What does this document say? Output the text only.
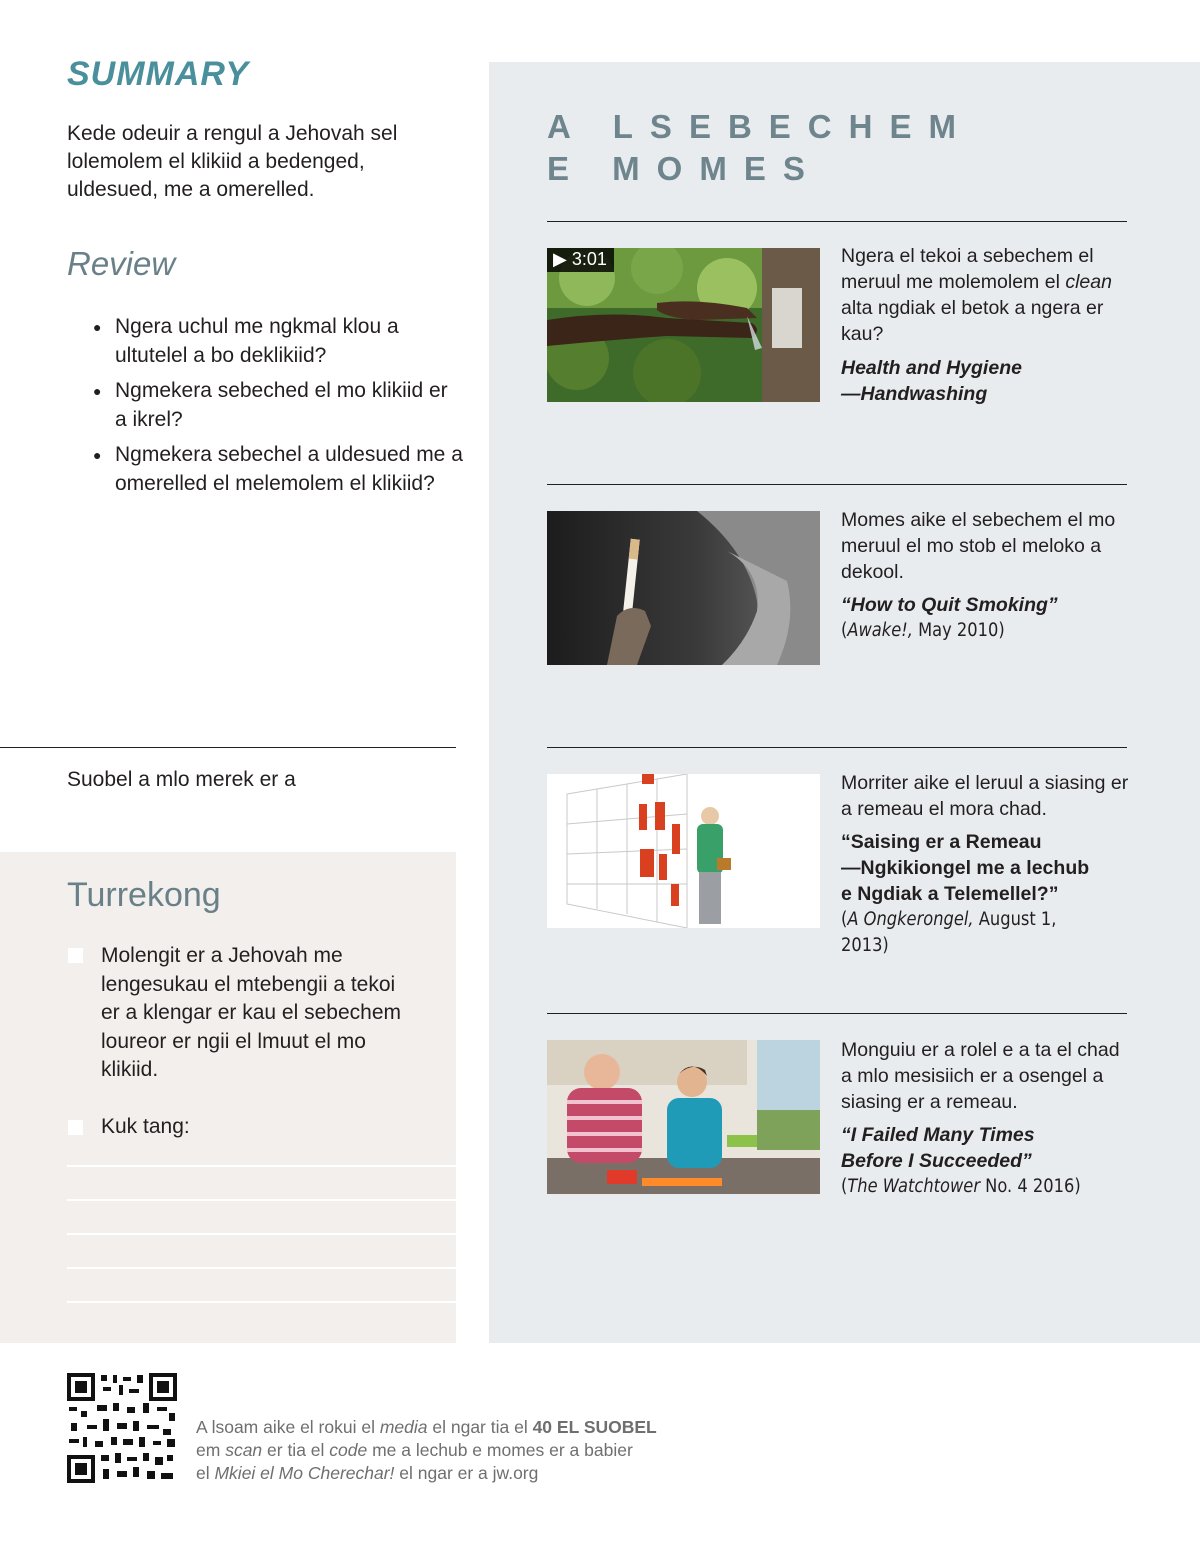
SUMMARY

Kede odeuir a rengul a Jehovah sel lolemolem el klikiid a bedenged, uldesued, me a omerelled.

Review
● Ngera uchul me ngkmal klou a ultutelel a bo deklikiid?
● Ngmekera sebeched el mo klikiid er a ikrel?
● Ngmekera sebechel a uldesued me a omerelled el melemolem el klikiid?
Suobel a mlo merek er a
Turrekong
Molengit er a Jehovah me lengesukau el mtebengii a tekoi er a klengar er kau el sebechem loureor er ngii el lmuut el mo klikiid.
Kuk tang:
A LSEBECHEM
E MOMES
▶ 3:01	Ngera el tekoi a sebechem el meruul me molemolem el clean alta ngdiak el betok a ngera er kau?
Health and Hygiene
—Handwashing
Momes aike el sebechem el mo meruul el mo stob el meloko a dekool.
“How to Quit Smoking”
(Awake!, May 2010)
Morriter aike el leruul a siasing er a remeau el mora chad.
“Saising er a Remeau
—Ngkikiongel me a lechub
e Ngdiak a Telemellel?”
(A Ongkerongel, August 1, 2013)
Monguiu er a rolel e a ta el chad a mlo mesisiich er a osengel a siasing er a remeau.
“I Failed Many Times
Before I Succeeded”
(The Watchtower No. 4 2016)
A lsoam aike el rokui el media el ngar tia el 40 EL SUOBEL
em scan er tia el code me a lechub e momes er a babier
el Mkiei el Mo Cherechar! el ngar er a jw.org
